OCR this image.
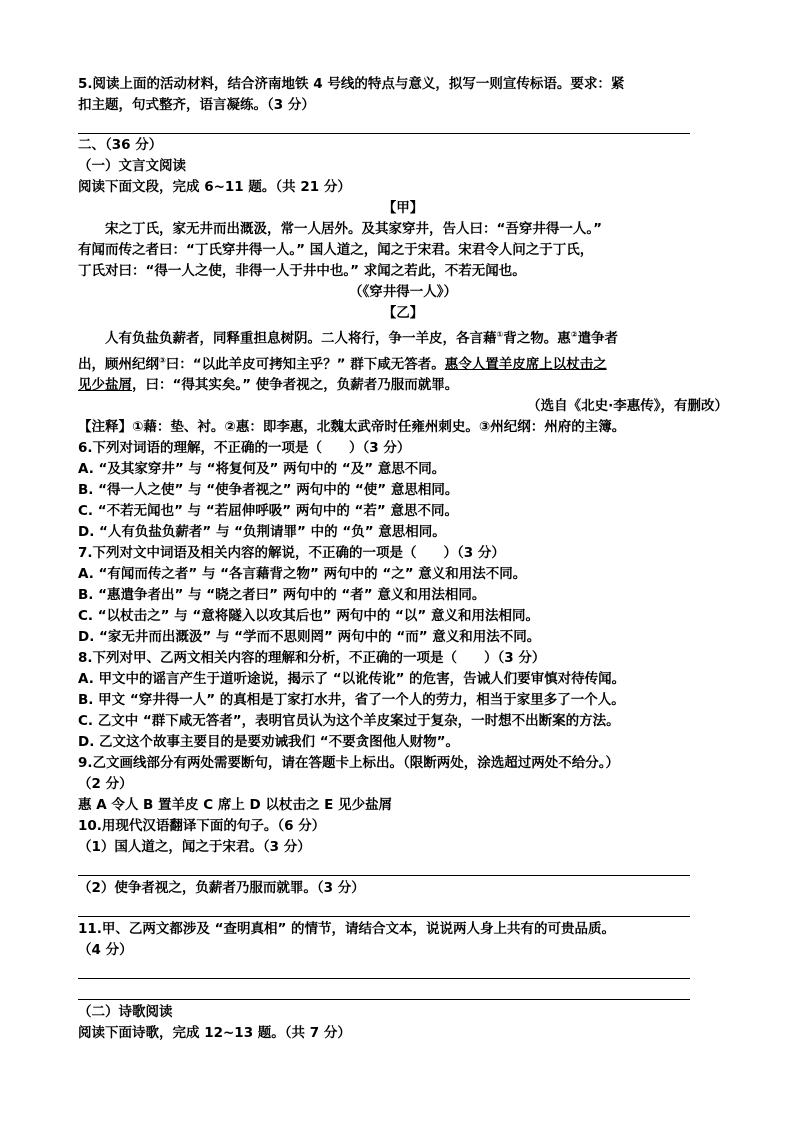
5.阅读上面的活动材料，结合济南地铁 4 号线的特点与意义，拟写一则宣传标语。要求：紧
扣主题，句式整齐，语言凝练。（3 分）
二、（36 分）
（一）文言文阅读
阅读下面文段，完成 6~11 题。（共 21 分）
【甲】
宋之丁氏，家无井而出溉汲，常一人居外。及其家穿井，告人曰：“吾穿井得一人。”
有闻而传之者曰：“丁氏穿井得一人。” 国人道之，闻之于宋君。宋君令人问之于丁氏，
丁氏对曰：“得一人之使，非得一人于井中也。” 求闻之若此，不若无闻也。
（《穿井得一人》）
【乙】
人有负盐负薪者，同释重担息树阴。二人将行，争一羊皮，各言藉①背之物。惠②遣争者
出，顾州纪纲③曰：“以此羊皮可拷知主乎？” 群下咸无答者。惠令人置羊皮席上以杖击之
见少盐屑，曰：“得其实矣。” 使争者视之，负薪者乃服而就罪。
（选自《北史·李惠传》，有删改）
【注释】①藉：垫、衬。②惠：即李惠，北魏太武帝时任雍州刺史。③州纪纲：州府的主簿。
6.下列对词语的理解，不正确的一项是（　　）（3 分）
A. “及其家穿井” 与 “将复何及” 两句中的 “及” 意思不同。
B. “得一人之使” 与 “使争者视之” 两句中的 “使” 意思相同。
C. “不若无闻也” 与 “若屈伸呼吸” 两句中的 “若” 意思不同。
D. “人有负盐负薪者” 与 “负荆请罪” 中的 “负” 意思相同。
7.下列对文中词语及相关内容的解说，不正确的一项是（　　）（3 分）
A. “有闻而传之者” 与 “各言藉背之物” 两句中的 “之” 意义和用法不同。
B. “惠遣争者出” 与 “晓之者曰” 两句中的 “者” 意义和用法相同。
C. “以杖击之” 与 “意将隧入以攻其后也” 两句中的 “以” 意义和用法相同。
D. “家无井而出溉汲” 与 “学而不思则罔” 两句中的 “而” 意义和用法不同。
8.下列对甲、乙两文相关内容的理解和分析，不正确的一项是（　　）（3 分）
A. 甲文中的谣言产生于道听途说，揭示了 “以讹传讹” 的危害，告诫人们要审慎对待传闻。
B. 甲文 “穿井得一人” 的真相是丁家打水井，省了一个人的劳力，相当于家里多了一个人。
C. 乙文中 “群下咸无答者”，表明官员认为这个羊皮案过于复杂，一时想不出断案的方法。
D. 乙文这个故事主要目的是要劝诫我们 “不要贪图他人财物”。
9.乙文画线部分有两处需要断句，请在答题卡上标出。（限断两处，涂选超过两处不给分。）
（2 分）
惠 A 令人 B 置羊皮 C 席上 D 以杖击之 E 见少盐屑
10.用现代汉语翻译下面的句子。（6 分）
（1）国人道之，闻之于宋君。（3 分）
（2）使争者视之，负薪者乃服而就罪。（3 分）
11.甲、乙两文都涉及 “查明真相” 的情节，请结合文本，说说两人身上共有的可贵品质。
（4 分）
（二）诗歌阅读
阅读下面诗歌，完成 12~13 题。（共 7 分）
